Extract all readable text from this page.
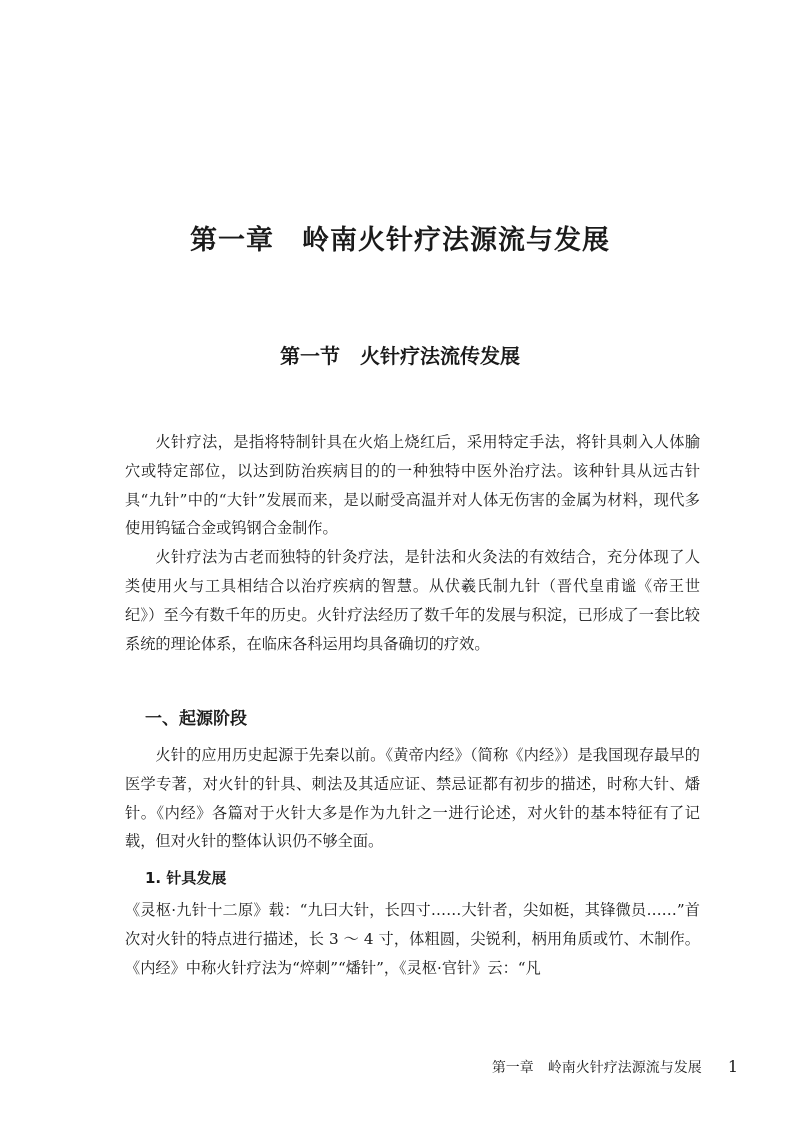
第一章 岭南火针疗法源流与发展
第一节 火针疗法流传发展

火针疗法，是指将特制针具在火焰上烧红后，采用特定手法，将针具刺入人体腧穴或特定部位，以达到防治疾病目的的一种独特中医外治疗法。该种针具从远古针具“九针”中的“大针”发展而来，是以耐受高温并对人体无伤害的金属为材料，现代多使用钨锰合金或钨钢合金制作。

火针疗法为古老而独特的针灸疗法，是针法和火灸法的有效结合，充分体现了人类使用火与工具相结合以治疗疾病的智慧。从伏羲氏制九针（晋代皇甫谧《帝王世纪》）至今有数千年的历史。火针疗法经历了数千年的发展与积淀，已形成了一套比较系统的理论体系，在临床各科运用均具备确切的疗效。

一、起源阶段

火针的应用历史起源于先秦以前。《黄帝内经》（简称《内经》）是我国现存最早的医学专著，对火针的针具、刺法及其适应证、禁忌证都有初步的描述，时称大针、燔针。《内经》各篇对于火针大多是作为九针之一进行论述，对火针的基本特征有了记载，但对火针的整体认识仍不够全面。

1. 针具发展

《灵枢·九针十二原》载：“九曰大针，长四寸……大针者，尖如梃，其锋微员……”首次对火针的特点进行描述，长 3 ～ 4 寸，体粗圆，尖锐利，柄用角质或竹、木制作。《内经》中称火针疗法为“焠刺”“燔针”，《灵枢·官针》云：“凡

第一章　岭南火针疗法源流与发展 1
